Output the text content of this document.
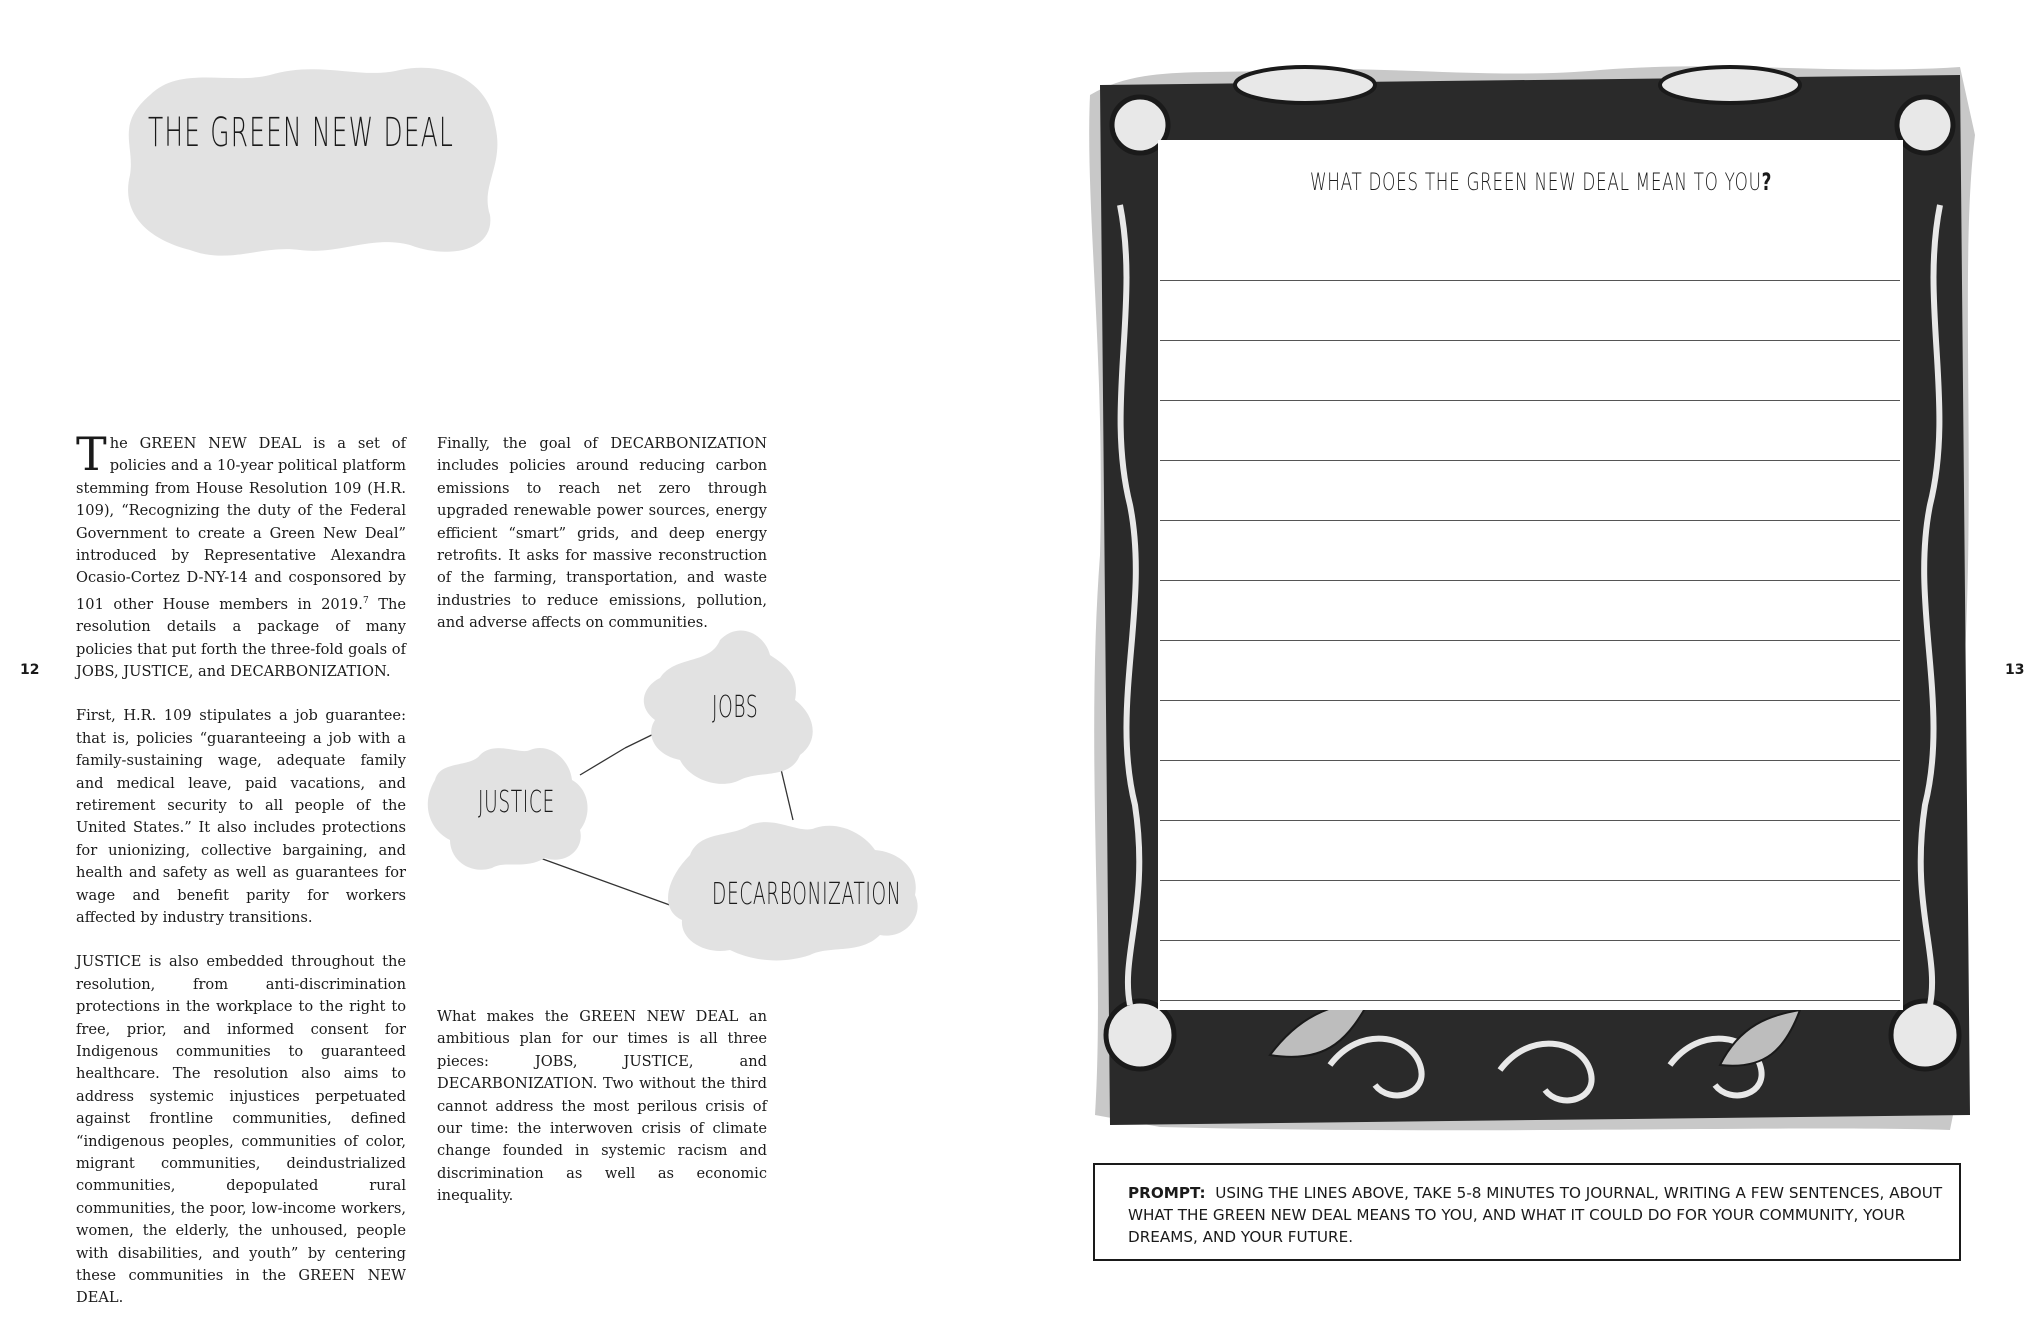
THE GREEN NEW DEAL

The GREEN NEW DEAL is a set of policies and a 10-year political platform stemming from House Resolution 109 (H.R. 109), “Recognizing the duty of the Federal Government to create a Green New Deal” introduced by Representative Alexandra Ocasio-Cortez D-NY-14 and cosponsored by 101 other House members in 2019.$^7$ The resolution details a package of many policies that put forth the three-fold goals of JOBS, JUSTICE, and DECARBONIZATION.

First, H.R. 109 stipulates a job guarantee: that is, policies “guaranteeing a job with a family-sustaining wage, adequate family and medical leave, paid vacations, and retirement security to all people of the United States.” It also includes protections for unionizing, collective bargaining, and health and safety as well as guarantees for wage and benefit parity for workers affected by industry transitions.

JUSTICE is also embedded throughout the resolution, from anti-discrimination protections in the workplace to the right to free, prior, and informed consent for Indigenous communities to guaranteed healthcare. The resolution also aims to address systemic injustices perpetuated against frontline communities, defined “indigenous peoples, communities of color, migrant communities, deindustrialized communities, depopulated rural communities, the poor, low-income workers, women, the elderly, the unhoused, people with disabilities, and youth” by centering these communities in the GREEN NEW DEAL.

Finally, the goal of DECARBONIZATION includes policies around reducing carbon emissions to reach net zero through upgraded renewable power sources, energy efficient “smart” grids, and deep energy retrofits. It asks for massive reconstruction of the farming, transportation, and waste industries to reduce emissions, pollution, and adverse affects on communities.

What makes the GREEN NEW DEAL an ambitious plan for our times is all three pieces: JOBS, JUSTICE, and DECARBONIZATION. Two without the third cannot address the most perilous crisis of our time: the interwoven crisis of climate change founded in systemic racism and discrimination as well as economic inequality.

12
JOBS
JUSTICE
DECARBONIZATION
WHAT DOES THE GREEN NEW DEAL MEAN TO YOU?
PROMPT: USING THE LINES ABOVE, TAKE 5-8 MINUTES TO JOURNAL, WRITING A FEW SENTENCES, ABOUT WHAT THE GREEN NEW DEAL MEANS TO YOU, AND WHAT IT COULD DO FOR YOUR COMMUNITY, YOUR DREAMS, AND YOUR FUTURE.
13
